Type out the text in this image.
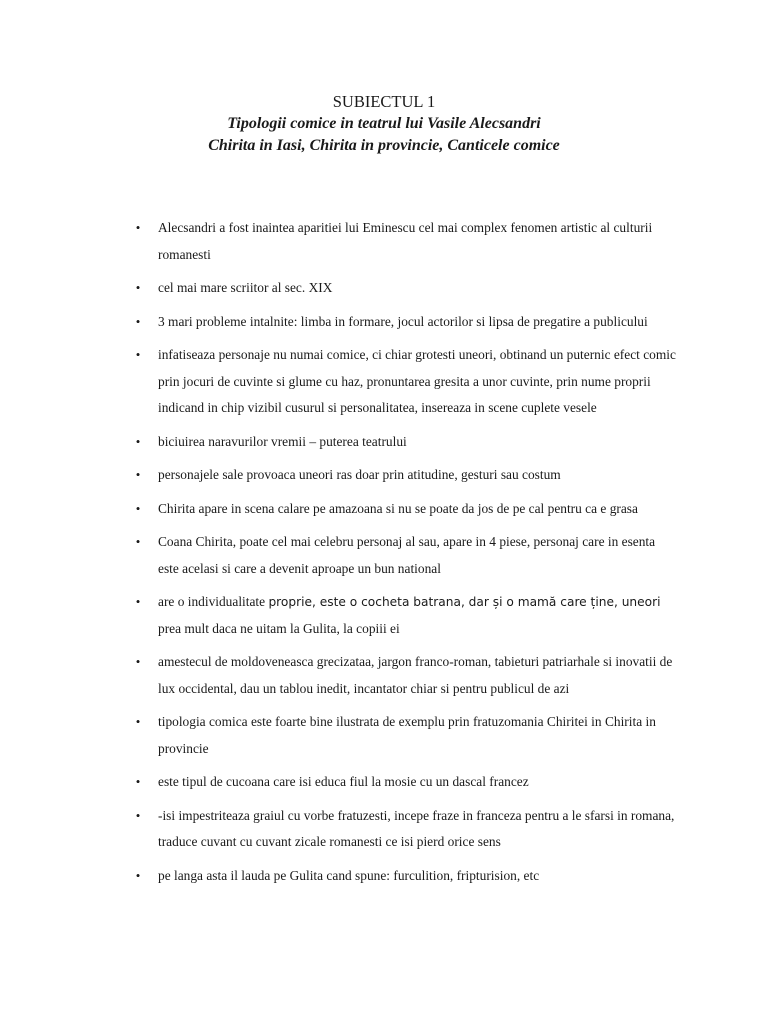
SUBIECTUL 1
Tipologii comice in teatrul lui Vasile Alecsandri
Chirita in Iasi, Chirita in provincie, Canticele comice
• Alecsandri a fost inaintea aparitiei lui Eminescu cel mai complex fenomen artistic al culturii romanesti
• cel mai mare scriitor al sec. XIX
• 3 mari probleme intalnite: limba in formare, jocul actorilor si lipsa de pregatire a publicului
• infatiseaza personaje nu numai comice, ci chiar grotesti uneori, obtinand un puternic efect comic prin jocuri de cuvinte si glume cu haz, pronuntarea gresita a unor cuvinte, prin nume proprii indicand in chip vizibil cusurul si personalitatea, insereaza in scene cuplete vesele
• biciuirea naravurilor vremii – puterea teatrului
• personajele sale provoaca uneori ras doar prin atitudine, gesturi sau costum
• Chirita apare in scena calare pe amazoana si nu se poate da jos de pe cal pentru ca e grasa
• Coana Chirita, poate cel mai celebru personaj al sau, apare in 4 piese, personaj care in esenta este acelasi si care a devenit aproape un bun national
• are o individualitate proprie, este o cocheta batrana, dar și o mamă care ține, uneori prea mult daca ne uitam la Gulita, la copiii ei
• amestecul de moldoveneasca grecizataa, jargon franco-roman, tabieturi patriarhale si inovatii de lux occidental, dau un tablou inedit, incantator chiar si pentru publicul de azi
• tipologia comica este foarte bine ilustrata de exemplu prin fratuzomania Chiritei in Chirita in provincie
• este tipul de cucoana care isi educa fiul la mosie cu un dascal francez
• -isi impestriteaza graiul cu vorbe fratuzesti, incepe fraze in franceza pentru a le sfarsi in romana, traduce cuvant cu cuvant zicale romanesti ce isi pierd orice sens
• pe langa asta il lauda pe Gulita cand spune: furculition, fripturision, etc
